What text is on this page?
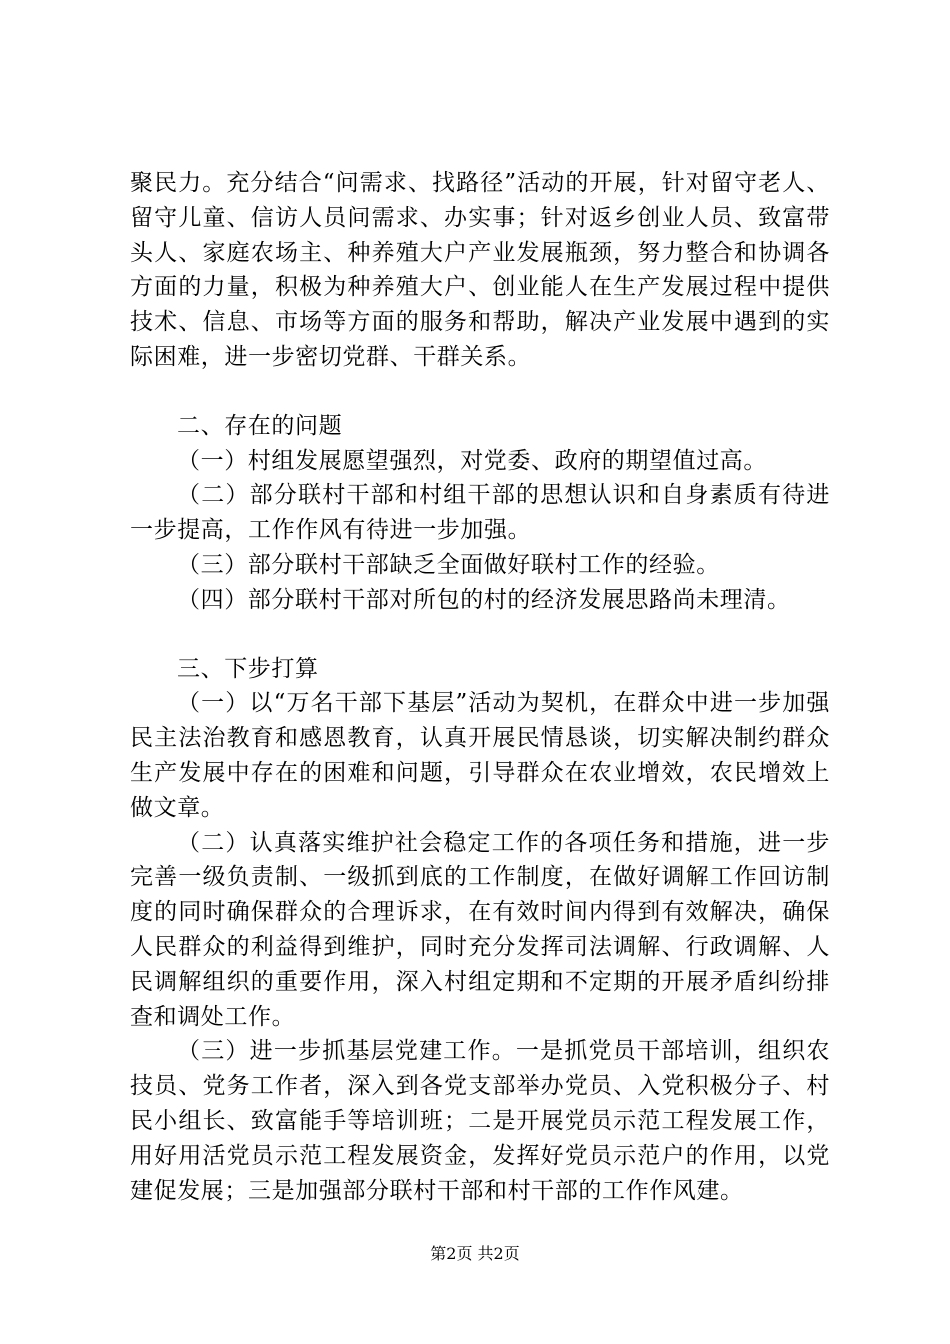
聚民力。充分结合“问需求、找路径”活动的开展，针对留守老人、留守儿童、信访人员问需求、办实事；针对返乡创业人员、致富带头人、家庭农场主、种养殖大户产业发展瓶颈，努力整合和协调各方面的力量，积极为种养殖大户、创业能人在生产发展过程中提供技术、信息、市场等方面的服务和帮助，解决产业发展中遇到的实际困难，进一步密切党群、干群关系。

二、存在的问题

（一）村组发展愿望强烈，对党委、政府的期望值过高。

（二）部分联村干部和村组干部的思想认识和自身素质有待进一步提高，工作作风有待进一步加强。

（三）部分联村干部缺乏全面做好联村工作的经验。

（四）部分联村干部对所包的村的经济发展思路尚未理清。

三、下步打算

（一）以“万名干部下基层”活动为契机，在群众中进一步加强民主法治教育和感恩教育，认真开展民情恳谈，切实解决制约群众生产发展中存在的困难和问题，引导群众在农业增效，农民增效上做文章。

（二）认真落实维护社会稳定工作的各项任务和措施，进一步完善一级负责制、一级抓到底的工作制度，在做好调解工作回访制度的同时确保群众的合理诉求，在有效时间内得到有效解决，确保人民群众的利益得到维护，同时充分发挥司法调解、行政调解、人民调解组织的重要作用，深入村组定期和不定期的开展矛盾纠纷排查和调处工作。

（三）进一步抓基层党建工作。一是抓党员干部培训，组织农技员、党务工作者，深入到各党支部举办党员、入党积极分子、村民小组长、致富能手等培训班；二是开展党员示范工程发展工作，用好用活党员示范工程发展资金，发挥好党员示范户的作用，以党建促发展；三是加强部分联村干部和村干部的工作作风建。

第2页 共2页
